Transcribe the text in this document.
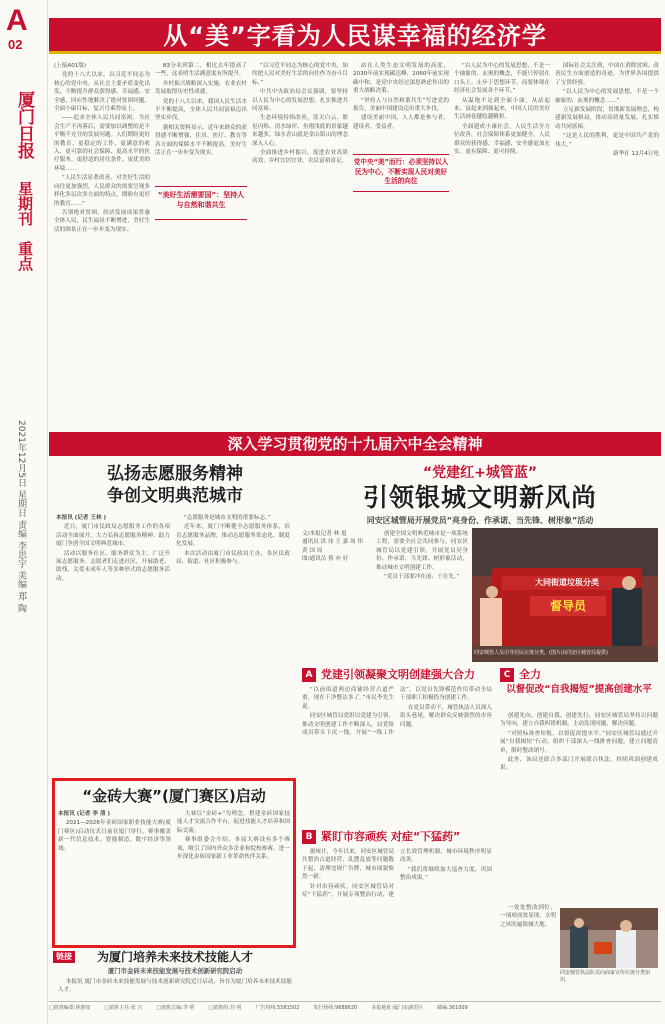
A
02
厦门日报
星期刊
重点
2021年12月5日 星期日
责编 李思宇 美编 郑 陶
从“美”字看为人民谋幸福的经济学

(上接A01版)

党的十八大以来，以习近平同志为核心的党中央，从社会主要矛盾变化出发，不断提升群众获得感、幸福感、安全感，回应性地解决了绝对贫困问题，全面小康目标，复兴号乘势而上。

——追求全体人民共同富裕。当社会生产不再落后，需要加以调整的是不平衡不充分的发展问题。人们期盼更好的教育、更稳定的工作、更满意的收入、更可靠的社会保障、更高水平的医疗服务、更舒适的居住条件、更优美的环境……

“人民生活显著改善，对美好生活的向往更加强烈，人民群众的需要呈现多样化多层次多方面的特点，期盼有更好的教育……”

告别绝对贫困，经济发展成果普惠全体人民，民生福祉不断增进，美好生活的图景正在一步步变为现实。

83分名列第二，相比去年提高了一些，这表明生活满意度有所提升。

乡村振兴战略深入实施，农业农村发展取得历史性成就。

党的十八大以来，我国人民生活水平不断提高，全体人民共同富裕迈出坚实步伐。

据相关资料显示，近年来群众的获得感不断增强，住房、医疗、教育等各方面的保障水平不断提高，美好生活正在一步步变为现实。

“美好生活需要国”：坚持人与自然和谐共生

“以习近平同志为核心的党中央，始终把人民对美好生活的向往作为奋斗目标。”

中共中央政治局会议强调，要坚持以人民为中心的发展思想，扎实推进共同富裕。

生态环境持续改善，蓝天白云、繁星闪烁、清水绿岸、鱼翔浅底的景象越来越多，绿水青山就是金山银山的理念深入人心。

全面推进乡村振兴，促进农业高质高效、乡村宜居宜业、农民富裕富足。

站在人类生态文明发展的高度，2030年前实现碳达峰、2060年前实现碳中和，是党中央经过深思熟虑作出的重大战略决策。

“坚持人与自然和谐共生”写进党的报告，美丽中国建设迈出重大步伐。

建设美丽中国，人人都是参与者、建设者、受益者。

党中央“美”而行：必须坚持以人民为中心，不断实现人民对美好生活的向往

“以人民为中心的发展思想，不是一个抽象的、玄奥的概念，不能只停留在口头上、止步于思想环节，而要体现在经济社会发展各个环节。”

从温饱不足到全面小康，从站起来、富起来到强起来，中国人民的美好生活画卷越绘越精彩。

全面建成小康社会，人民生活全方位改善，社会保障体系更加健全，人民群众的获得感、幸福感、安全感更加充实、更有保障、更可持续。

国际社会关注到，中国在消除贫困、改善民生方面创造的奇迹，为世界各国提供了宝贵经验。

“以人民为中心的发展思想，不是一个抽象的、玄奥的概念……”

立足新发展阶段，贯彻新发展理念，构建新发展格局，推动高质量发展，扎实推动共同富裕。

“这是人民的胜利，更是中国共产党的伟大。”

新华社 12月4日电

深入学习贯彻党的十九届六中全会精神
弘扬志愿服务精神
争创文明典范城市

本报讯 (记者 王林 )

近日，厦门市民政局志愿服务工作的各项活动全面展开，大力弘扬志愿服务精神，助力厦门争创全国文明典范城市。

活动以服务社区、服务群众为主，广泛开展志愿服务。志愿者们走进社区，开展助老、助残、关爱未成年人等多种形式的志愿服务活动。

“志愿服务是城市文明的重要标志。”

近年来，厦门不断健全志愿服务体系，培育志愿服务品牌，推动志愿服务常态化、制度化发展。

本次活动由厦门市民政局主办，各区民政局、街道、社区积极参与。

“党建红+城管蓝”
引领银城文明新风尚
同安区城管局开展党员“亮身份、作承诺、当先锋、树形象”活动
文/本报记者 林 旭
通讯员 洪 伟 王 嘉 周 伟
黄 国 周
图/通讯员 蔡 亦 好

创建全国文明典范城市是一项系统工程，需要全社会共同参与。同安区城管局以党建引领，开展党员亮身份、作承诺、当先锋、树形象活动，推动城市文明创建工作。

“党员干部要冲在前、干在先。”

大同街道垃圾分类
督导员
同安城管人员引导居民垃圾分类。(图片由同安区城管局提供)
“金砖大赛”(厦门赛区)启动

本报讯 (记者 李 清 )

2021—2026年金砖国家职业技能大赛(厦门赛区)启动仪式日前在厦门举行，赛事覆盖新一代信息技术、智能制造、数字经济等领域。

大赛以“金砖+”为理念，搭建金砖国家技能人才交流合作平台，促进技能人才培养和国际交流。

赛事组委会介绍，本届大赛设有多个赛项，吸引了国内外众多企业和院校参赛，进一步深化金砖国家新工业革命伙伴关系。

链接	为厦门培养未来技术技能人才
厦门市金砖未来技能发展与技术创新研究院启动

本报讯 厦门市金砖未来技能发展与技术创新研究院近日启动，旨在为厦门培养未来技术技能人才。

A 党建引领凝聚文明创建强大合力

“以前街道两边商铺经营占道严重，现在干净整洁多了。”市民李先生说。

同安区城管局党组以党建为引领，推动文明创建工作不断深入。局党组成员带头下沉一线，开展“一线工作法”，以党员先锋模范作用带动全局干部职工积极投身创建工作。

在党员带动下，城管执法人员深入街头巷尾，解决群众反映强烈的市容问题。

B 紧盯市容顽疾 对症“下猛药”

据统计，今年以来，同安区城管局共整治占道经营、乱摆乱放等问题数千起，清理违规广告牌，城市面貌焕然一新。

针对市容顽疾，同安区城管局对症“下猛药”，开展专项整治行动，建立长效管理机制，城市环境秩序明显改善。

“我们将继续加大巡查力度，巩固整治成果。”

C 全力
以督促改“自我揭短”提高创建水平

创建先向、创建自我、创建先行，同安区城管局坚持以问题为导向，建立自我纠错机制，主动发现问题、解决问题。

“对照标准查短板，以督促改提水平。”同安区城管局通过开展“自我揭短”行动，组织干部深入一线排查问题，建立问题清单，限时整改销号。

此外，该局还联合多部门开展联合执法，持续巩固创建成果。

同安城管执法队员向商家宣传垃圾分类知识。

一处处整改到位，一项项成效显现，文明之风吹遍银城大地。

□值班编委:林惠如	□值班主任:张 兴	□值班总编:李 明	□值班组:苏 明	广告热线:5581502	发行热线:9688620	本报地址:厦门市湖里区	邮编:361009
